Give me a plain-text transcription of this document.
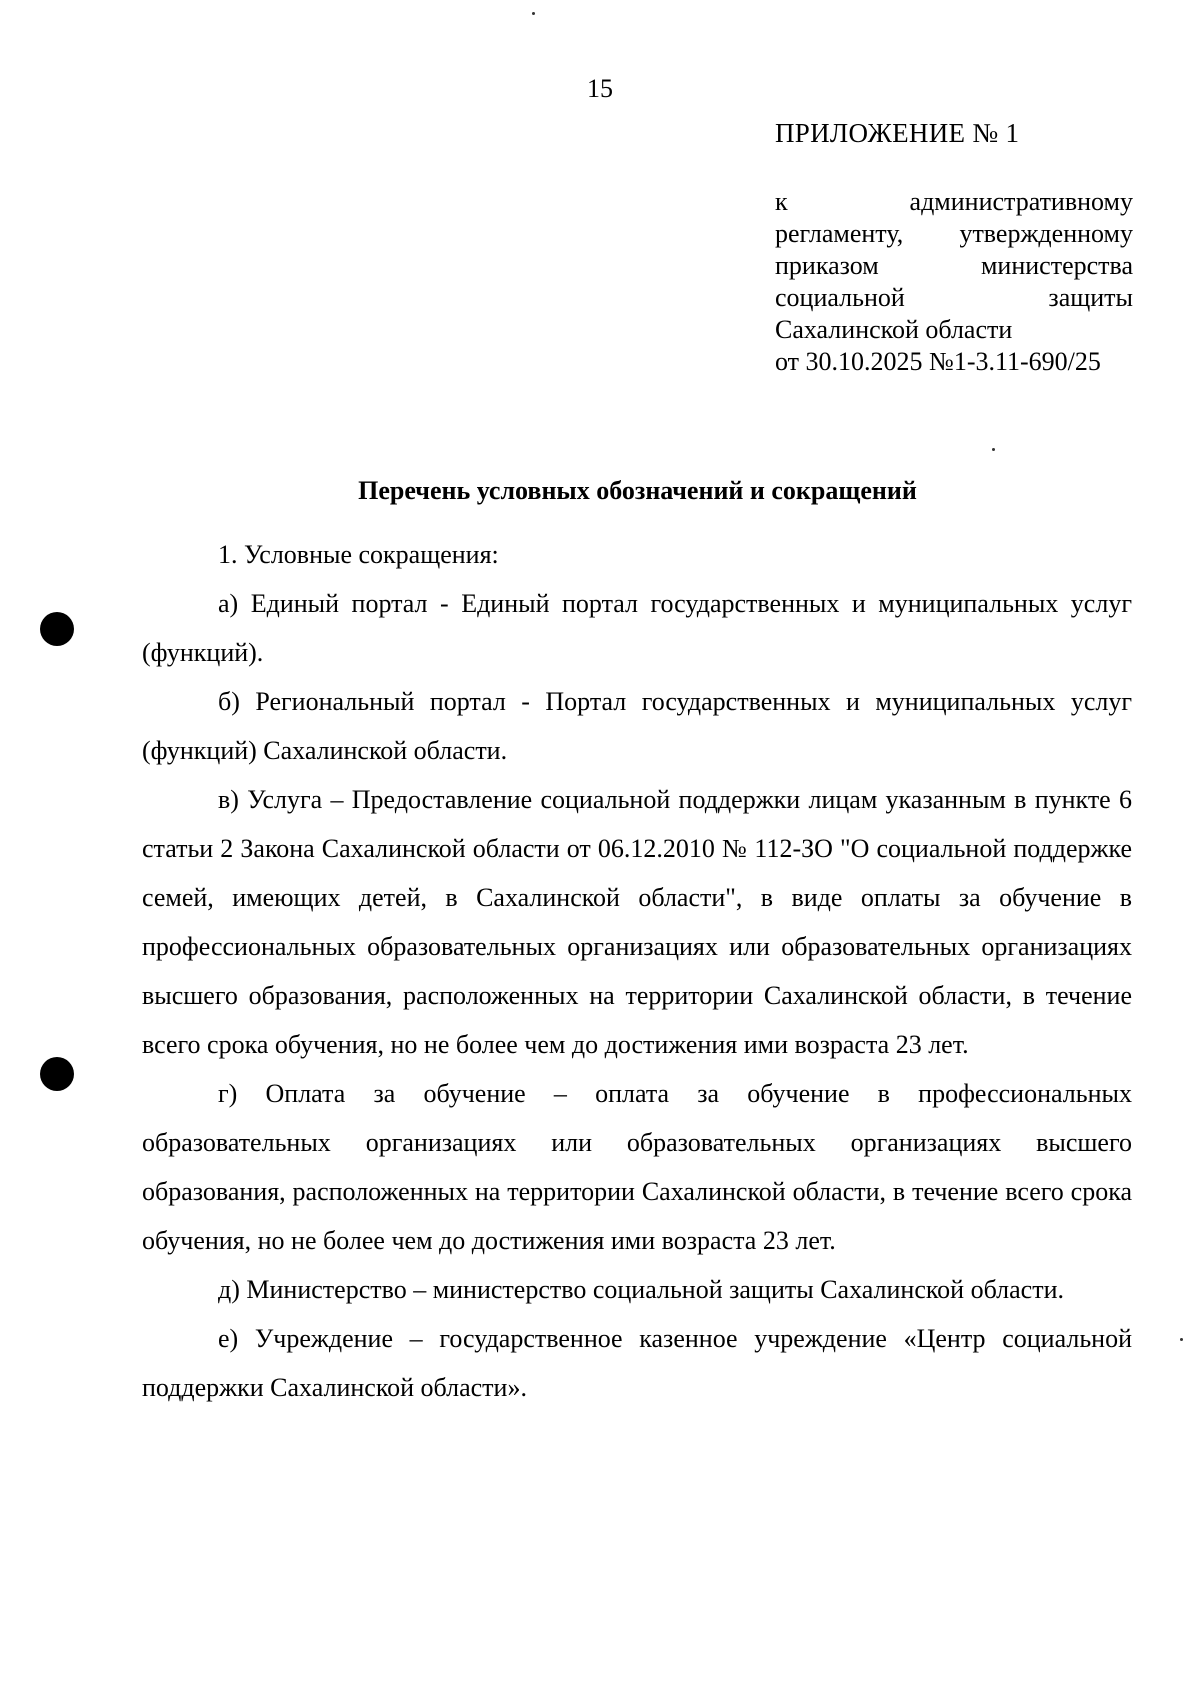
15
ПРИЛОЖЕНИЕ № 1
к административному
регламенту, утвержденному
приказом министерства
социальной защиты
Сахалинской области
от 30.10.2025 №1-3.11-690/25
Перечень условных обозначений и сокращений

1. Условные сокращения:

а) Единый портал - Единый портал государственных и муниципальных услуг (функций).

б) Региональный портал - Портал государственных и муниципальных услуг (функций) Сахалинской области.

в) Услуга – Предоставление социальной поддержки лицам указанным в пункте 6 статьи 2 Закона Сахалинской области от 06.12.2010 № 112-ЗО "О социальной поддержке семей, имеющих детей, в Сахалинской области", в виде оплаты за обучение в профессиональных образовательных организациях или образовательных организациях высшего образования, расположенных на территории Сахалинской области, в течение всего срока обучения, но не более чем до достижения ими возраста 23 лет.

г) Оплата за обучение – оплата за обучение в профессиональных образовательных организациях или образовательных организациях высшего образования, расположенных на территории Сахалинской области, в течение всего срока обучения, но не более чем до достижения ими возраста 23 лет.

д) Министерство – министерство социальной защиты Сахалинской области.

е) Учреждение – государственное казенное учреждение «Центр социальной поддержки Сахалинской области».
